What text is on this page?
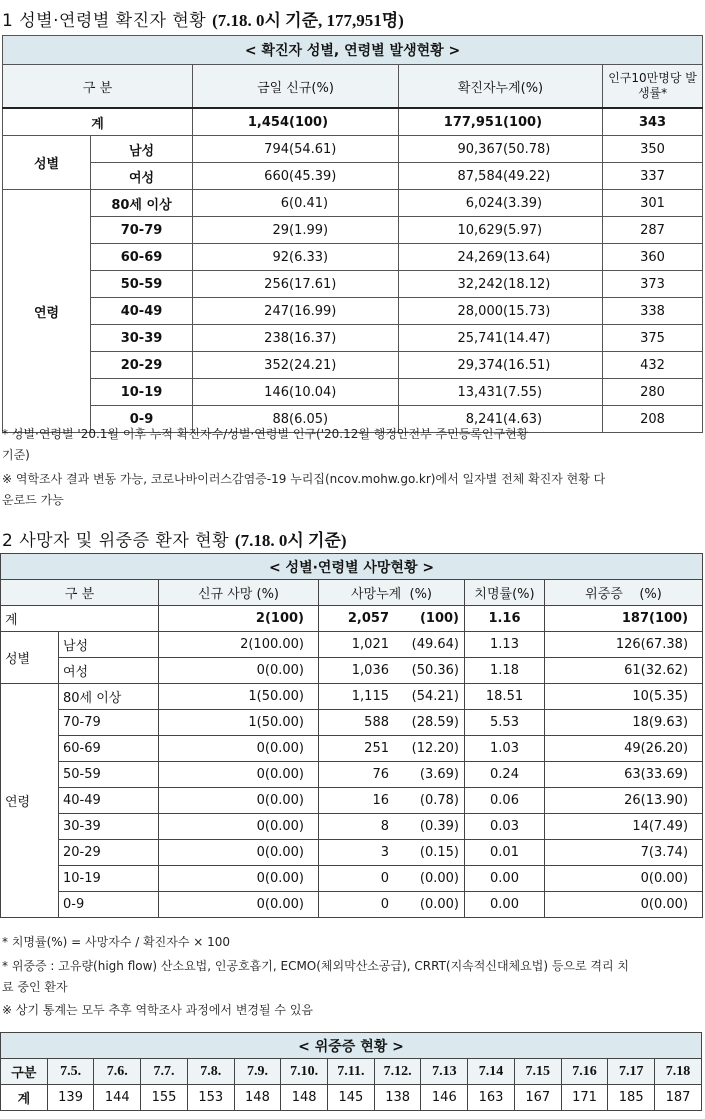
1 성별·연령별 확진자 현황 (7.18. 0시 기준, 177,951명)
< 확진자 성별, 연령별 발생현황 >				
구 분		금일 신규(%)	확진자누계(%)	인구10만명당 발생률*
계		1,454(100)	177,951(100)	343
성별	남성	794(54.61)	90,367(50.78)	350
	여성	660(45.39)	87,584(49.22)	337
연령	80세 이상	6(0.41)	6,024(3.39)	301
	70-79	29(1.99)	10,629(5.97)	287
	60-69	92(6.33)	24,269(13.64)	360
	50-59	256(17.61)	32,242(18.12)	373
	40-49	247(16.99)	28,000(15.73)	338
	30-39	238(16.37)	25,741(14.47)	375
	20-29	352(24.21)	29,374(16.51)	432
	10-19	146(10.04)	13,431(7.55)	280
	0-9	88(6.05)	8,241(4.63)	208
* 성별·연령별 '20.1월 이후 누적 확진자수/성별·연령별 인구('20.12월 행정안전부 주민등록인구현황
기준)
※ 역학조사 결과 변동 가능, 코로나바이러스감염증-19 누리집(ncov.mohw.go.kr)에서 일자별 전체 확진자 현황 다
운로드 가능
2 사망자 및 위중증 환자 현황 (7.18. 0시 기준)
< 성별·연령별 사망현황 >					
구 분		신규 사망 (%)	사망누계  (%)	치명률(%)	위중증    (%)
계		2(100)	2,057 (100)	1.16	187(100)
성별	남성	2(100.00)	1,021 (49.64)	1.13	126(67.38)
	여성	0(0.00)	1,036 (50.36)	1.18	61(32.62)
연령	80세 이상	1(50.00)	1,115 (54.21)	18.51	10(5.35)
	70-79	1(50.00)	588 (28.59)	5.53	18(9.63)
	60-69	0(0.00)	251 (12.20)	1.03	49(26.20)
	50-59	0(0.00)	76 (3.69)	0.24	63(33.69)
	40-49	0(0.00)	16 (0.78)	0.06	26(13.90)
	30-39	0(0.00)	8 (0.39)	0.03	14(7.49)
	20-29	0(0.00)	3 (0.15)	0.01	7(3.74)
	10-19	0(0.00)	0 (0.00)	0.00	0(0.00)
	0-9	0(0.00)	0 (0.00)	0.00	0(0.00)
* 치명률(%) = 사망자수 / 확진자수 × 100
* 위중증 : 고유량(high flow) 산소요법, 인공호흡기, ECMO(체외막산소공급), CRRT(지속적신대체요법) 등으로 격리 치
료 중인 환자
※ 상기 통계는 모두 추후 역학조사 과정에서 변경될 수 있음
< 위중증 현황 >														
구분	7.5.	7.6.	7.7.	7.8.	7.9.	7.10.	7.11.	7.12.	7.13	7.14	7.15	7.16	7.17	7.18
계	139	144	155	153	148	148	145	138	146	163	167	171	185	187
